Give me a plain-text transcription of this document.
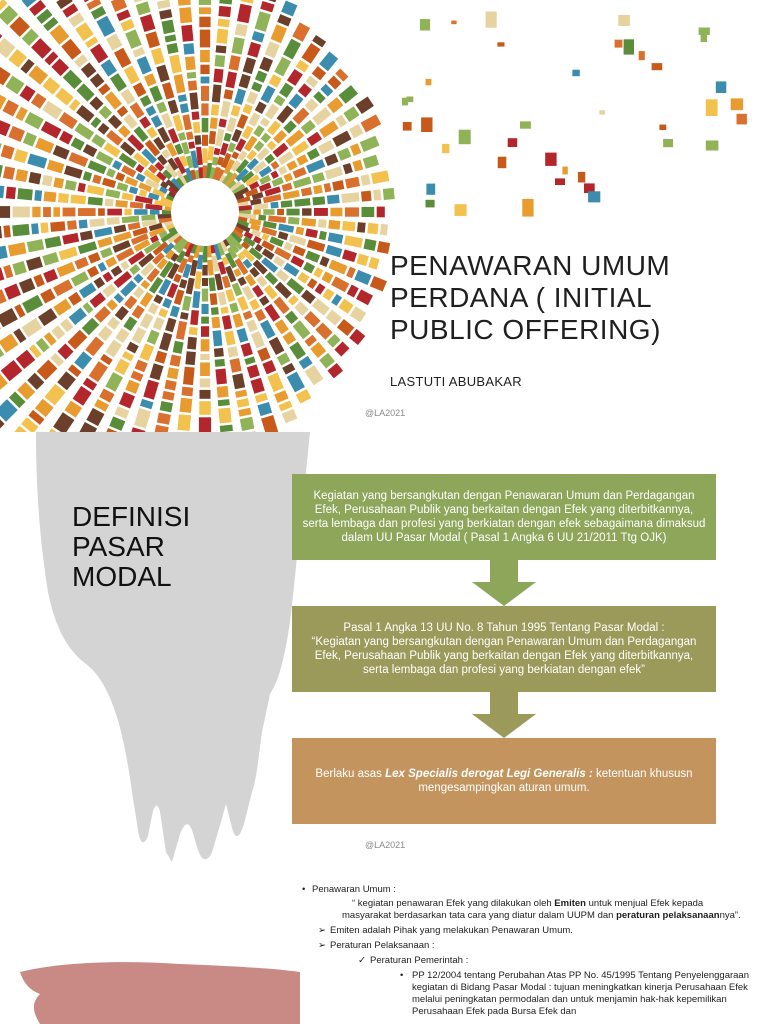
PENAWARAN UMUM PERDANA ( INITIAL PUBLIC OFFERING)
LASTUTI ABUBAKAR
@LA2021
DEFINISI PASAR MODAL
Kegiatan yang bersangkutan dengan Penawaran Umum dan Perdagangan Efek, Perusahaan Publik yang berkaitan dengan Efek yang diterbitkannya, serta lembaga dan profesi yang berkiatan dengan efek sebagaimana dimaksud dalam UU Pasar Modal ( Pasal 1 Angka 6 UU 21/2011 Ttg OJK)
Pasal 1 Angka 13 UU No. 8 Tahun 1995 Tentang Pasar Modal :
“Kegiatan yang bersangkutan dengan Penawaran Umum dan Perdagangan Efek, Perusahaan Publik yang berkaitan dengan Efek yang diterbitkannya, serta lembaga dan profesi yang berkiatan dengan efek”
Berlaku asas Lex Specialis derogat Legi Generalis : ketentuan khususn mengesampingkan aturan umum.
@LA2021
• Penawaran Umum :
“ kegiatan penawaran Efek yang dilakukan oleh Emiten untuk menjual Efek kepada masyarakat berdasarkan tata cara yang diatur dalam UUPM dan peraturan pelaksanaannya”.
➢ Emiten adalah Pihak yang melakukan Penawaran Umum.
➢ Peraturan Pelaksanaan :
✓ Peraturan Pemerintah :
• PP 12/2004 tentang Perubahan Atas PP No. 45/1995 Tentang Penyelenggaraan kegiatan di Bidang Pasar Modal : tujuan meningkatkan kinerja Perusahaan Efek melalui peningkatan permodalan dan untuk menjamin hak-hak kepemilikan Perusahaan Efek pada Bursa Efek dan
